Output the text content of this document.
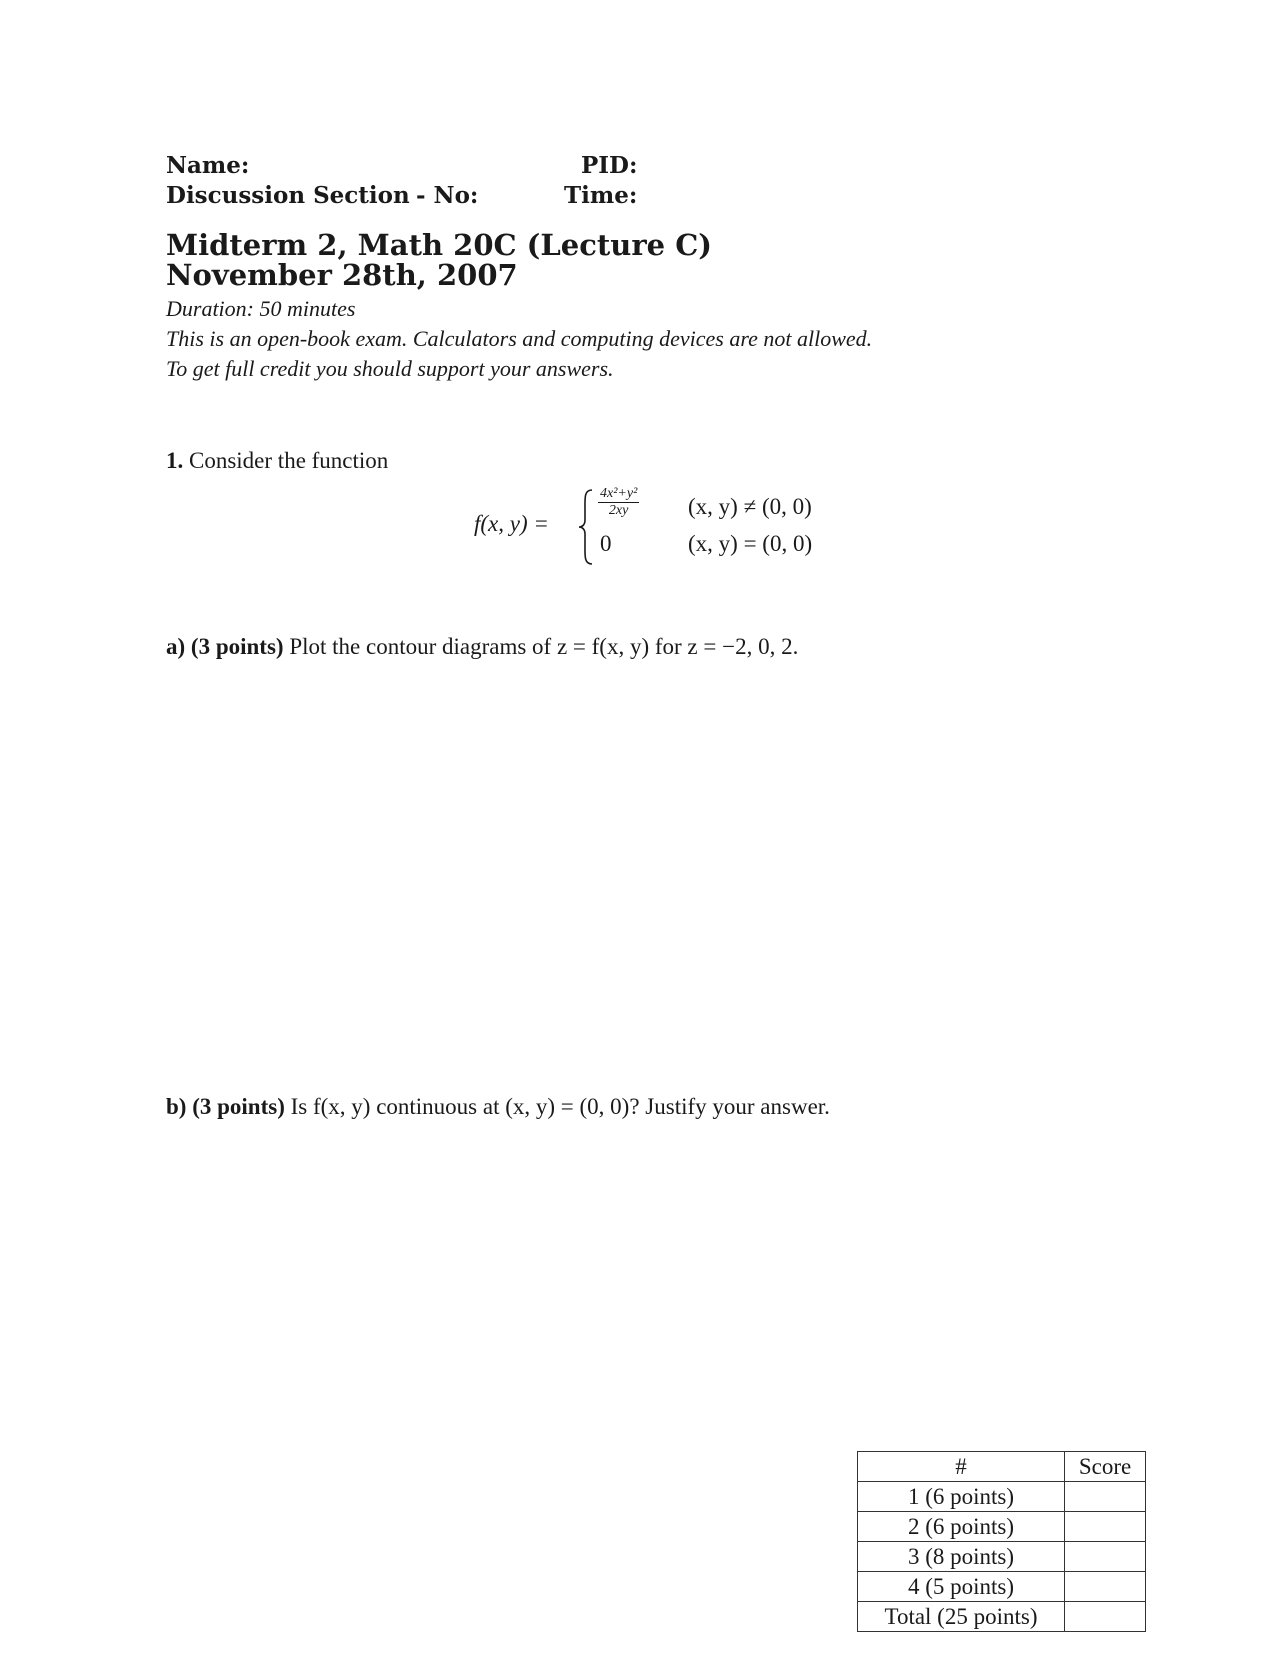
Name:	PID:
Discussion Section - No:	Time:
Midterm 2, Math 20C (Lecture C)
November 28th, 2007
Duration: 50 minutes
This is an open-book exam. Calculators and computing devices are not allowed.
To get full credit you should support your answers.
1. Consider the function
f(x, y) =
$\frac{\text{4x²+y²}}{2xy} (x$, y) ≠ (0, 0)
0	(x, y) = (0, 0)
a) (3 points) Plot the contour diagrams of z = f(x, y) for z = −2, 0, 2.
b) (3 points) Is f(x, y) continuous at (x, y) = (0, 0)? Justify your answer.
#	Score
1 (6 points)	
2 (6 points)	
3 (8 points)	
4 (5 points)	
Total (25 points)	
